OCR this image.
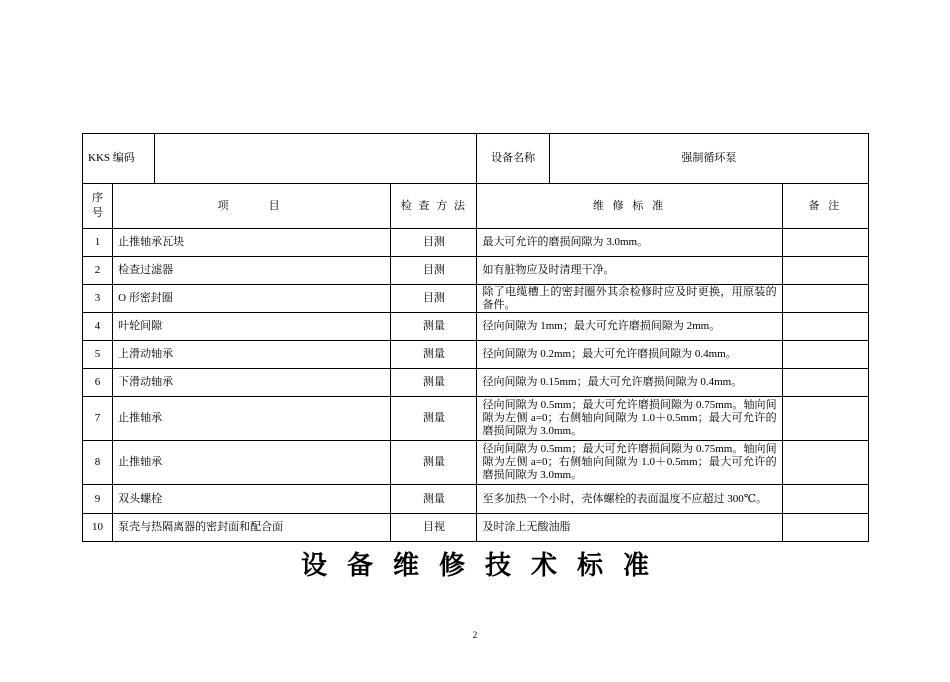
KKS 编码				设备名称	强制循环泵	
序号	项　　目		检 查 方 法	维 修 标 准		备 注
1	止推轴承瓦块		目测	最大可允许的磨损间隙为 3.0mm。		
2	检查过滤器		目测	如有脏物应及时清理干净。		
3	O 形密封圈		目测	除了电缆槽上的密封圈外其余检修时应及时更换，用原装的备件。		
4	叶轮间隙		测量	径向间隙为 1mm；最大可允许磨损间隙为 2mm。		
5	上滑动轴承		测量	径向间隙为 0.2mm；最大可允许磨损间隙为 0.4mm。		
6	下滑动轴承		测量	径向间隙为 0.15mm；最大可允许磨损间隙为 0.4mm。		
7	止推轴承		测量	径向间隙为 0.5mm；最大可允许磨损间隙为 0.75mm。轴向间隙为左侧 a=0；右侧轴向间隙为 1.0＋0.5mm；最大可允许的磨损间隙为 3.0mm。		
8	止推轴承		测量	径向间隙为 0.5mm；最大可允许磨损间隙为 0.75mm。轴向间隙为左侧 a=0；右侧轴向间隙为 1.0＋0.5mm；最大可允许的磨损间隙为 3.0mm。		
9	双头螺栓		测量	至多加热一个小时，壳体螺栓的表面温度不应超过 300℃。		
10	泵壳与热隔离器的密封面和配合面		目视	及时涂上无酸油脂		
设备维修技术标准
2
